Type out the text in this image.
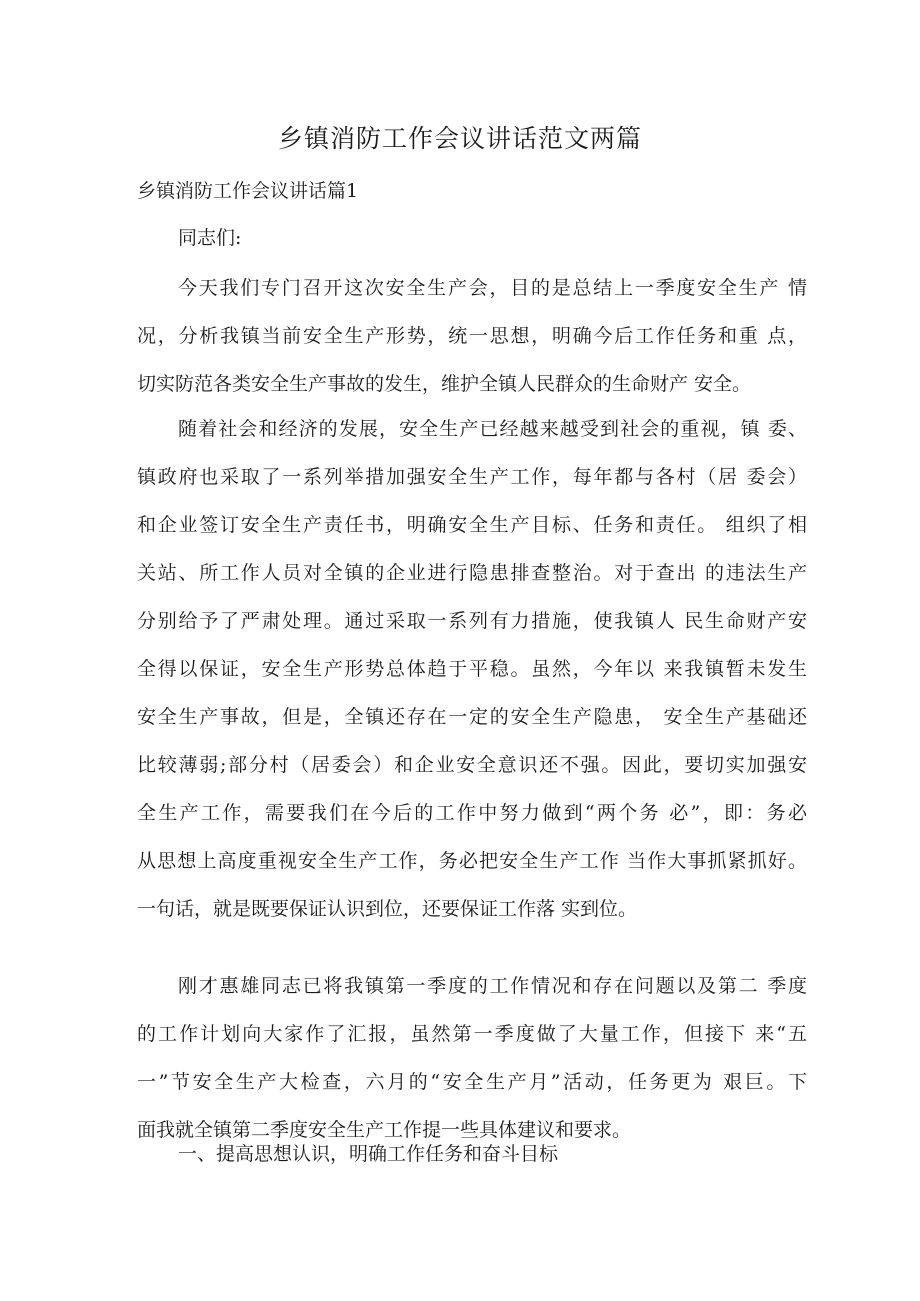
乡镇消防工作会议讲话范文两篇
乡镇消防工作会议讲话篇1
同志们:
今天我们专门召开这次安全生产会，目的是总结上一季度安全生产 情
况，分析我镇当前安全生产形势，统一思想，明确今后工作任务和重 点，
切实防范各类安全生产事故的发生，维护全镇人民群众的生命财产 安全。
随着社会和经济的发展，安全生产已经越来越受到社会的重视，镇 委、
镇政府也采取了一系列举措加强安全生产工作，每年都与各村（居 委会）
和企业签订安全生产责任书，明确安全生产目标、任务和责任。 组织了相
关站、所工作人员对全镇的企业进行隐患排查整治。对于查出 的违法生产
分别给予了严肃处理。通过采取一系列有力措施，使我镇人 民生命财产安
全得以保证，安全生产形势总体趋于平稳。虽然，今年以 来我镇暂未发生
安全生产事故，但是，全镇还存在一定的安全生产隐患， 安全生产基础还
比较薄弱;部分村（居委会）和企业安全意识还不强。因此，要切实加强安
全生产工作，需要我们在今后的工作中努力做到“两个务 必”，即：务必
从思想上高度重视安全生产工作，务必把安全生产工作 当作大事抓紧抓好。
一句话，就是既要保证认识到位，还要保证工作落 实到位。
刚才惠雄同志已将我镇第一季度的工作情况和存在问题以及第二 季度
的工作计划向大家作了汇报，虽然第一季度做了大量工作，但接下 来“五
一”节安全生产大检查，六月的“安全生产月”活动，任务更为 艰巨。下
面我就全镇第二季度安全生产工作提一些具体建议和要求。
一、提高思想认识，明确工作任务和奋斗目标
